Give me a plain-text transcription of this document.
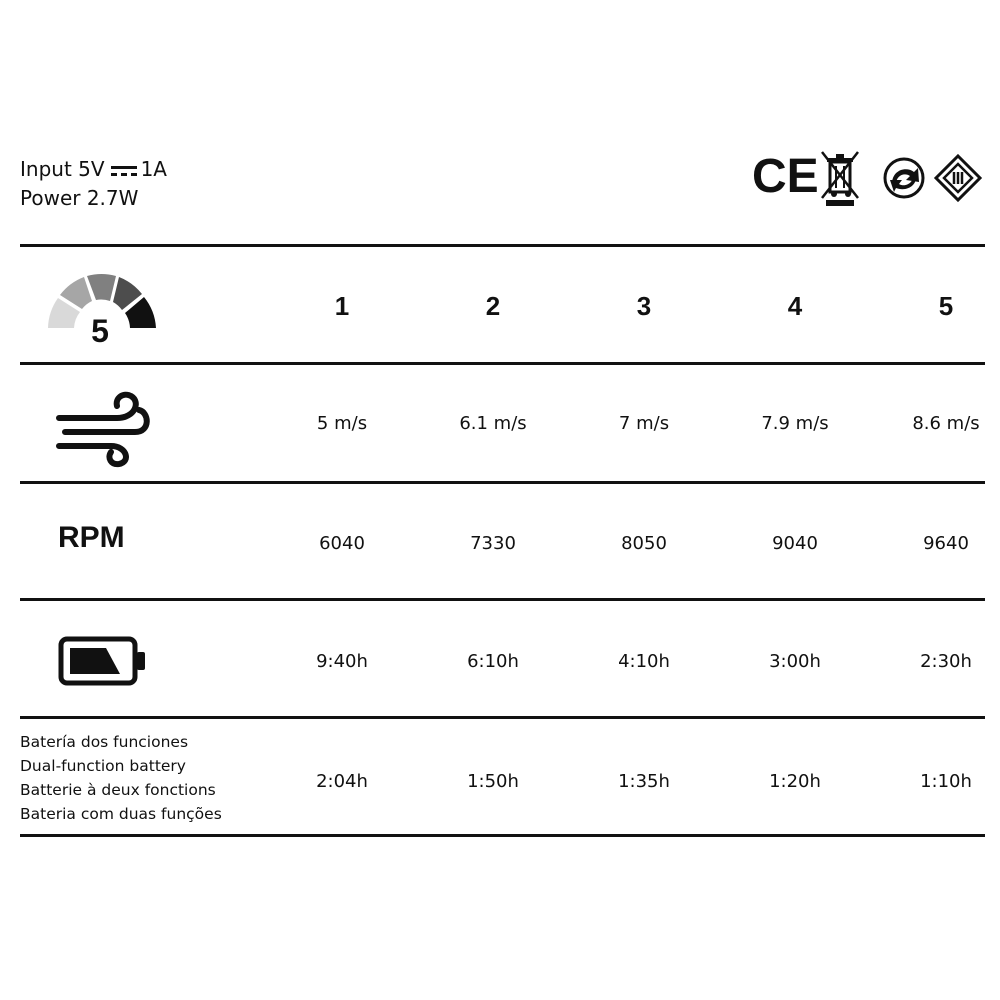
Input 5V 1A
Power 2.7W	CE
5
1	2	3	4	5
5 m/s	6.1 m/s	7 m/s	7.9 m/s	8.6 m/s
RPM	6040	7330	8050	9040	9640
9:40h	6:10h	4:10h	3:00h	2:30h
Batería dos funciones
Dual-function battery
Batterie à deux fonctions
Bateria com duas funções
2:04h	1:50h	1:35h	1:20h	1:10h
